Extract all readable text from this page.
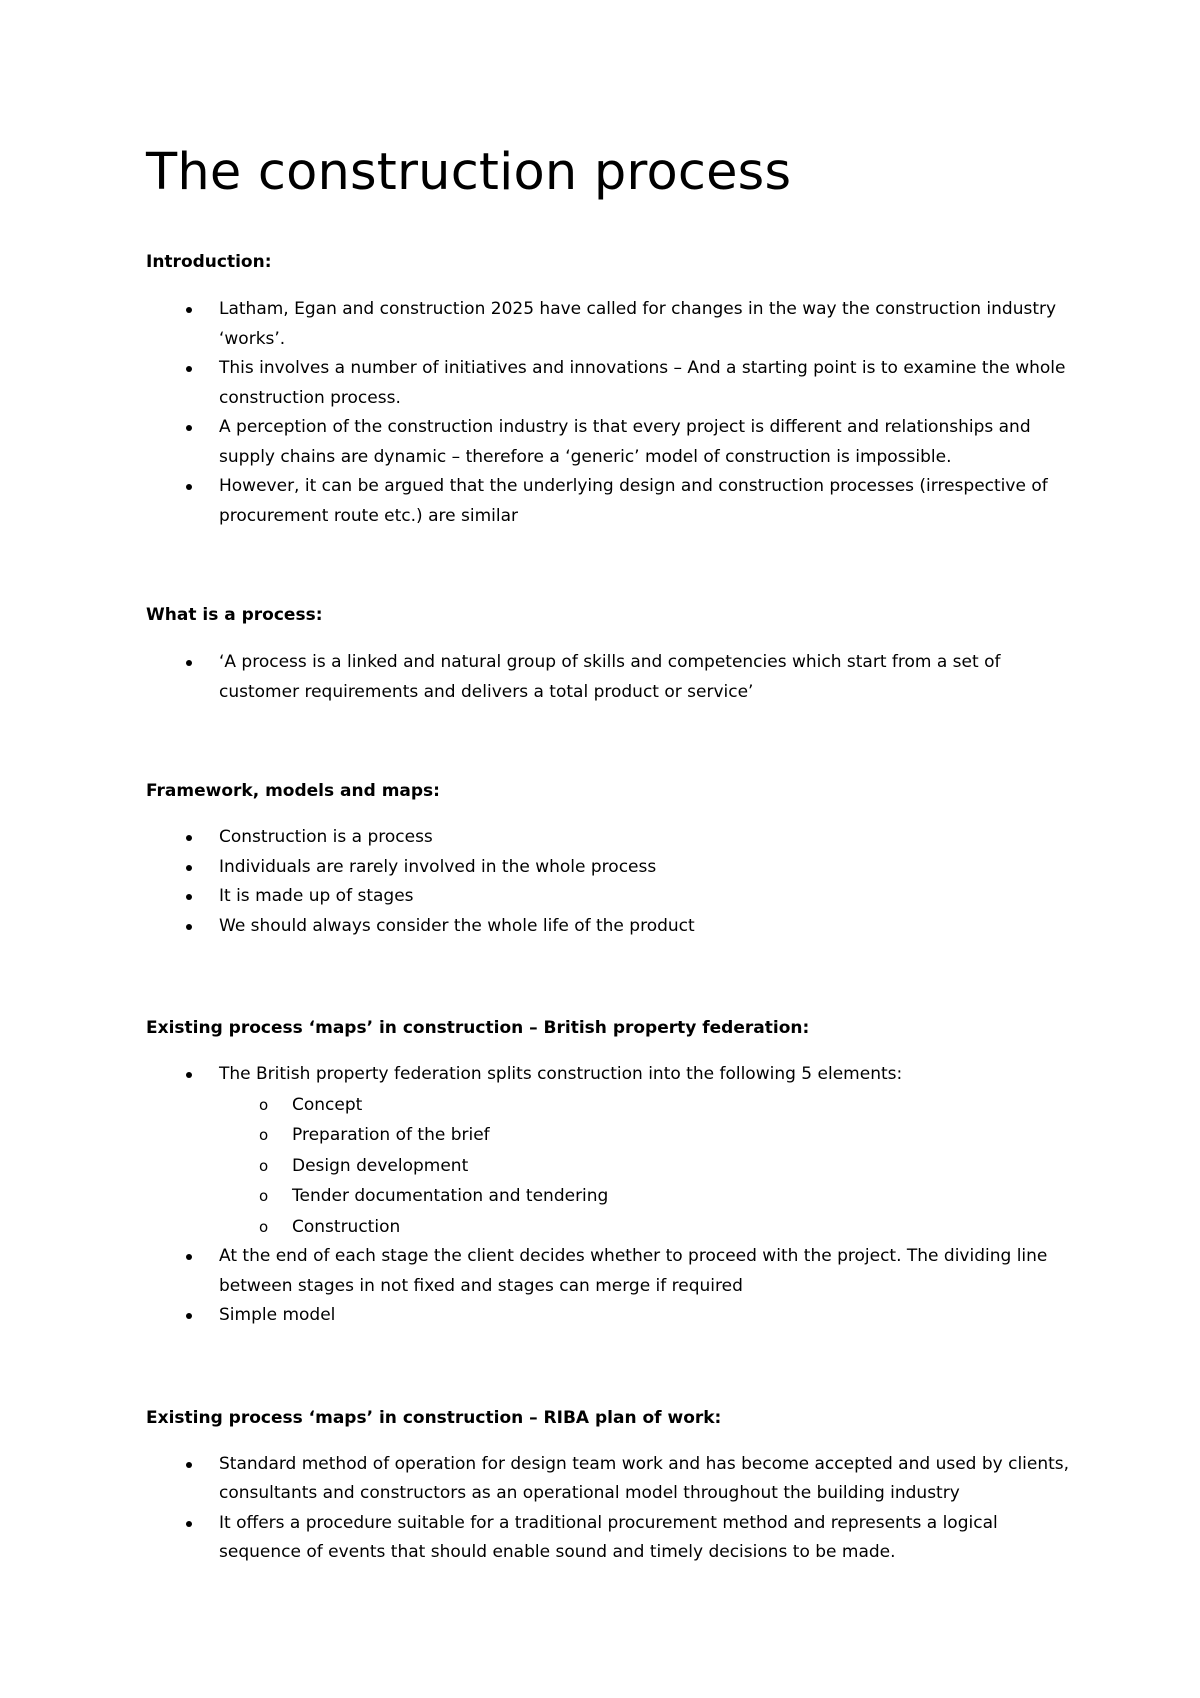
The construction process
Introduction:
Latham, Egan and construction 2025 have called for changes in the way the construction industry ‘works’.
This involves a number of initiatives and innovations – And a starting point is to examine the whole construction process.
A perception of the construction industry is that every project is different and relationships and supply chains are dynamic – therefore a ‘generic’ model of construction is impossible.
However, it can be argued that the underlying design and construction processes (irrespective of procurement route etc.) are similar
What is a process:
‘A process is a linked and natural group of skills and competencies which start from a set of customer requirements and delivers a total product or service’
Framework, models and maps:
Construction is a process
Individuals are rarely involved in the whole process
It is made up of stages
We should always consider the whole life of the product
Existing process ‘maps’ in construction – British property federation:
The British property federation splits construction into the following 5 elements:
o Concept
o Preparation of the brief
o Design development
o Tender documentation and tendering
o Construction
At the end of each stage the client decides whether to proceed with the project. The dividing line between stages in not fixed and stages can merge if required
Simple model
Existing process ‘maps’ in construction – RIBA plan of work:
Standard method of operation for design team work and has become accepted and used by clients, consultants and constructors as an operational model throughout the building industry
It offers a procedure suitable for a traditional procurement method and represents a logical sequence of events that should enable sound and timely decisions to be made.
